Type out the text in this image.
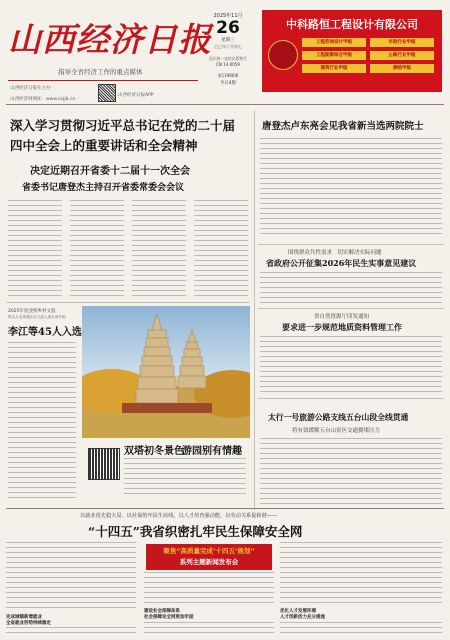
山西经济日报
指导全省经济工作的重点媒体
山西经济日报社主办
山西经济网网址：www.sxjjb.cn
山西经济日报APP
2025年11月
26
星期三
乙巳年十月初七
国内统一连续出版物号
CN 14-0059
第11980期
今日4版
中科路恒工程设计有限公司
工程咨询设计甲级	市政行业甲级
工程勘察综合甲级	公路行业甲级
建筑行业甲级	测绘甲级
深入学习贯彻习近平总书记在党的二十届
四中全会上的重要讲话和全会精神
决定近期召开省委十二届十一次全会
省委书记唐登杰主持召开省委常委会会议
2025年度登榜乡村文旅
带头人名单我区汾九县入选名单介绍
李江等45人入选
双塔初冬景色
游园别有情趣
唐登杰卢东亮会见我省新当选两院院士
围绕群众共性需求　切实解决实际问题
省政府公开征集2026年民生实事意见建议
省自然资源厅印发通知
要求进一步规范地质资料管理工作
太行一号旅游公路支线五台山段全线贯通
将有效缓解五台山景区交通拥堵压力
以就业优先稳大局，以社保筑牢民生底线，以人才培育强动能，以劳动关系促和谐——
“十四五”我省织密扎牢民生保障安全网
聚焦“高质量完成‘十四五’规划”
系列主题新闻发布会
完成城镇新增就业
全省就业形势持续稳定
建设社会保障体系
社会保障安全网更加牢固
优化人才发展环境
人才创新活力充分涌流
